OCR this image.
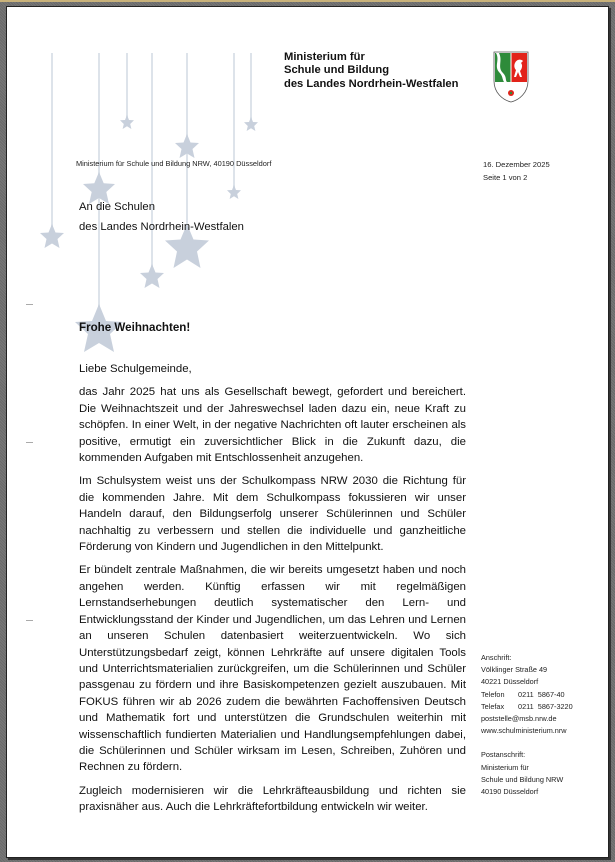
Ministerium für
Schule und Bildung
des Landes Nordrhein-Westfalen
Ministerium für Schule und Bildung NRW, 40190 Düsseldorf	16. Dezember 2025
Seite 1 von 2
An die Schulen
des Landes Nordrhein-Westfalen
Frohe Weihnachten!

Liebe Schulgemeinde,

das Jahr 2025 hat uns als Gesellschaft bewegt, gefordert und bereichert. Die Weihnachtszeit und der Jahreswechsel laden dazu ein, neue Kraft zu schöpfen. In einer Welt, in der negative Nachrichten oft lauter erscheinen als positive, ermutigt ein zuversichtlicher Blick in die Zukunft dazu, die kommenden Aufgaben mit Entschlossenheit anzugehen.

Im Schulsystem weist uns der Schulkompass NRW 2030 die Richtung für die kommenden Jahre. Mit dem Schulkompass fokussieren wir unser Handeln darauf, den Bildungserfolg unserer Schülerinnen und Schüler nachhaltig zu verbessern und stellen die individuelle und ganzheitliche Förderung von Kindern und Jugendlichen in den Mittelpunkt.

Er bündelt zentrale Maßnahmen, die wir bereits umgesetzt haben und noch angehen werden. Künftig erfassen wir mit regelmäßigen Lernstandserhebungen deutlich systematischer den Lern- und Entwicklungsstand der Kinder und Jugendlichen, um das Lehren und Lernen an unseren Schulen datenbasiert weiterzuentwickeln. Wo sich Unterstützungsbedarf zeigt, können Lehrkräfte auf unsere digitalen Tools und Unterrichtsmaterialien zurückgreifen, um die Schülerinnen und Schüler passgenau zu fördern und ihre Basiskompetenzen gezielt auszubauen. Mit FOKUS führen wir ab 2026 zudem die bewährten Fachoffensiven Deutsch und Mathematik fort und unterstützen die Grundschulen weiterhin mit wissenschaftlich fundierten Materialien und Handlungsempfehlungen dabei, die Schülerinnen und Schüler wirksam im Lesen, Schreiben, Zuhören und Rechnen zu fördern.

Zugleich modernisieren wir die Lehrkräfteausbildung und richten sie praxisnäher aus. Auch die Lehrkräftefortbildung entwickeln wir weiter.

Anschrift:
Völklinger Straße 49
40221 Düsseldorf
Telefon 0211  5867-40
Telefax 0211  5867-3220
poststelle@msb.nrw.de
www.schulministerium.nrw
Postanschrift:
Ministerium für
Schule und Bildung NRW
40190 Düsseldorf
